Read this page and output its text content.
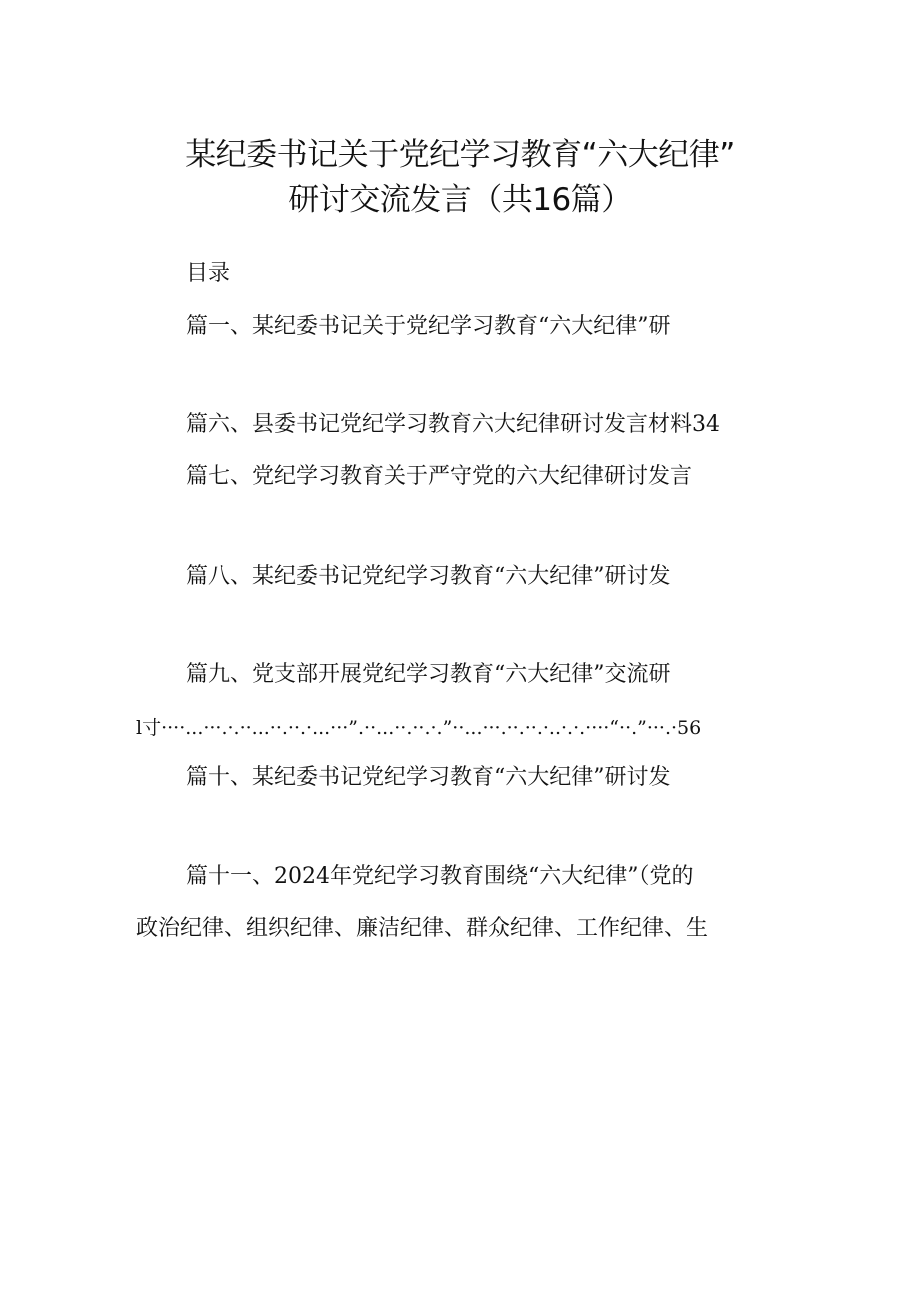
某纪委书记关于党纪学习教育“六大纪律”
研讨交流发言（共16篇）
目录
篇一、某纪委书记关于党纪学习教育“六大纪律”研
篇六、县委书记党纪学习教育六大纪律研讨发言材料34
篇七、党纪学习教育关于严守党的六大纪律研讨发言
篇八、某纪委书记党纪学习教育“六大纪律”研讨发
篇九、党支部开展党纪学习教育“六大纪律”交流研
l寸····...···.·.··...··.··.·...···”.··...··.··.·.”··...···.··.··.·..·.·.····“··.”···.·56
篇十、某纪委书记党纪学习教育“六大纪律”研讨发
篇十一、2024年党纪学习教育围绕“六大纪律”（党的
政治纪律、组织纪律、廉洁纪律、群众纪律、工作纪律、生
